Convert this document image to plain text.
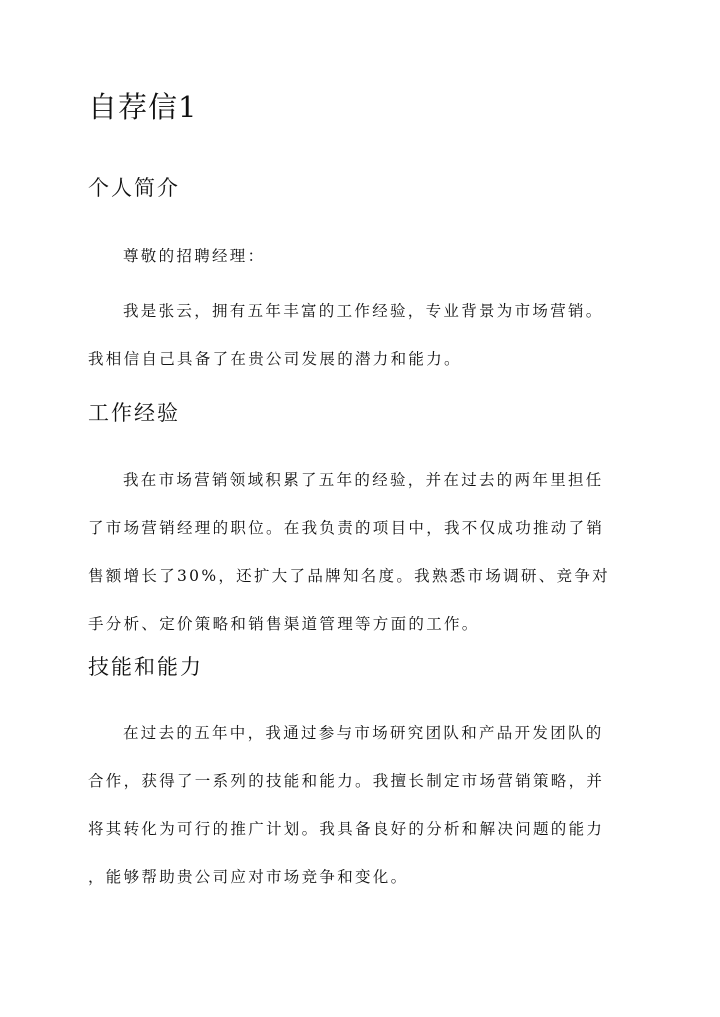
自荐信1
个人简介
尊敬的招聘经理：
我是张云，拥有五年丰富的工作经验，专业背景为市场营销。
我相信自己具备了在贵公司发展的潜力和能力。
工作经验
我在市场营销领域积累了五年的经验，并在过去的两年里担任
了市场营销经理的职位。在我负责的项目中，我不仅成功推动了销
售额增长了30%，还扩大了品牌知名度。我熟悉市场调研、竞争对
手分析、定价策略和销售渠道管理等方面的工作。
技能和能力
在过去的五年中，我通过参与市场研究团队和产品开发团队的
合作，获得了一系列的技能和能力。我擅长制定市场营销策略，并
将其转化为可行的推广计划。我具备良好的分析和解决问题的能力
，能够帮助贵公司应对市场竞争和变化。
